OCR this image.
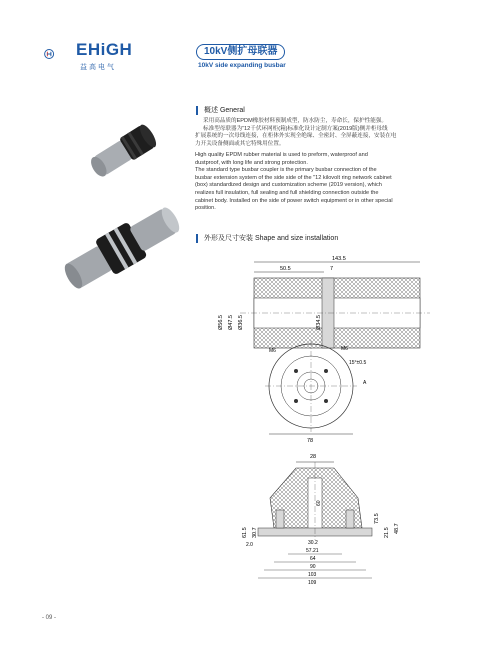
EHiGH
益高电气
10kV侧扩母联器
10kV side expanding busbar
概述 General
采用高品质的EPDM橡胶材料预制成型，防水防尘，寿命长，保护性能强。
标准型母联器为“12千伏环网柜(箱)标准化设计定制方案(2019版)侧并柜母线
扩展系统的一次母线连接，在柜体外实现全绝缘、全密封、全屏蔽连接，安装在电
力开关设备侧面或其它特殊用位置。
High quality EPDM rubber material is used to preform, waterproof and
dustproof, with long life and strong protection.
The standard type busbar coupler is the primary busbar connection of the
busbar extension system of the side side of the "12 kilovolt ring network cabinet
(box) standardized design and customization scheme (2019 version), which
realizes full insulation, full sealing and full shielding connection outside the
cabinet body. Installed on the side of power switch equipment or in other special
position.
外形及尺寸安装 Shape and size installation
143.5
50.5	7
Ø56.5 Ø47.5 Ø36.5	Ø34.5
M6	M6
15°±0.5
A
78
28
61.5 30.7
73.5
48.7
21.5
60
2.0	30.2
57.21
64
90
103
109
- 09 -
